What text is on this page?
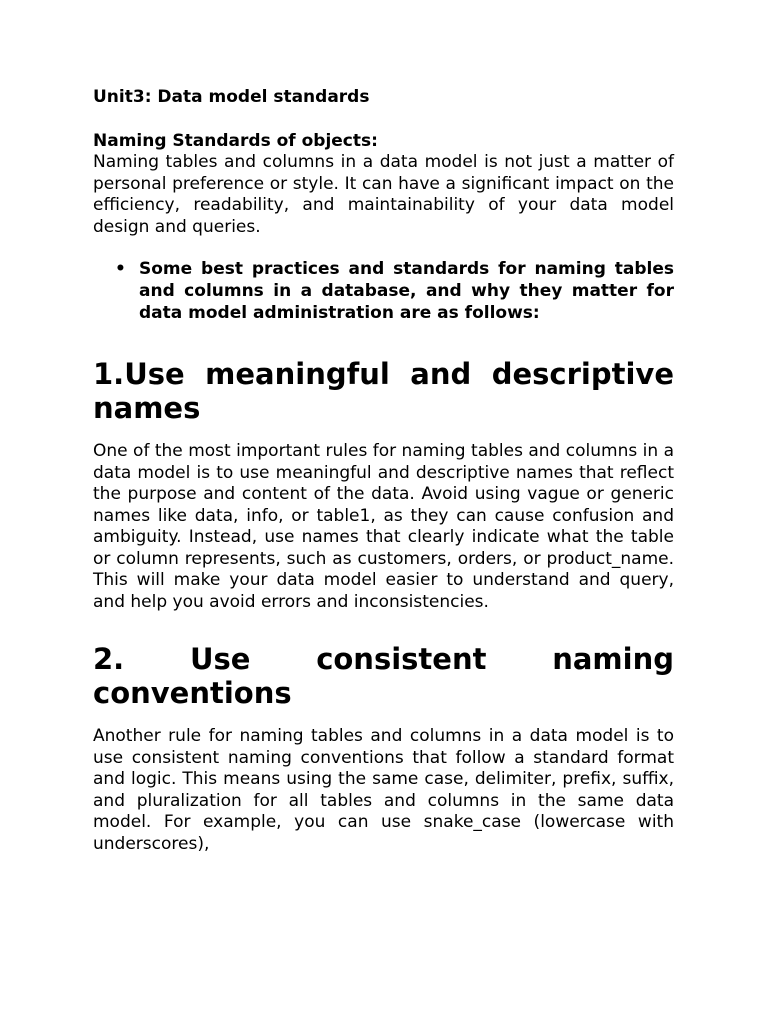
Unit3: Data model standards
Naming Standards of objects:

Naming tables and columns in a data model is not just a matter of personal preference or style. It can have a significant impact on the efficiency, readability, and maintainability of your data model design and queries.

• Some best practices and standards for naming tables and columns in a database, and why they matter for data model administration are as follows:
1.Use meaningful and descriptive names

One of the most important rules for naming tables and columns in a data model is to use meaningful and descriptive names that reflect the purpose and content of the data. Avoid using vague or generic names like data, info, or table1, as they can cause confusion and ambiguity. Instead, use names that clearly indicate what the table or column represents, such as customers, orders, or product_name. This will make your data model easier to understand and query, and help you avoid errors and inconsistencies.

2. Use consistent naming conventions

Another rule for naming tables and columns in a data model is to use consistent naming conventions that follow a standard format and logic. This means using the same case, delimiter, prefix, suffix, and pluralization for all tables and columns in the same data model. For example, you can use snake_case (lowercase with underscores),
